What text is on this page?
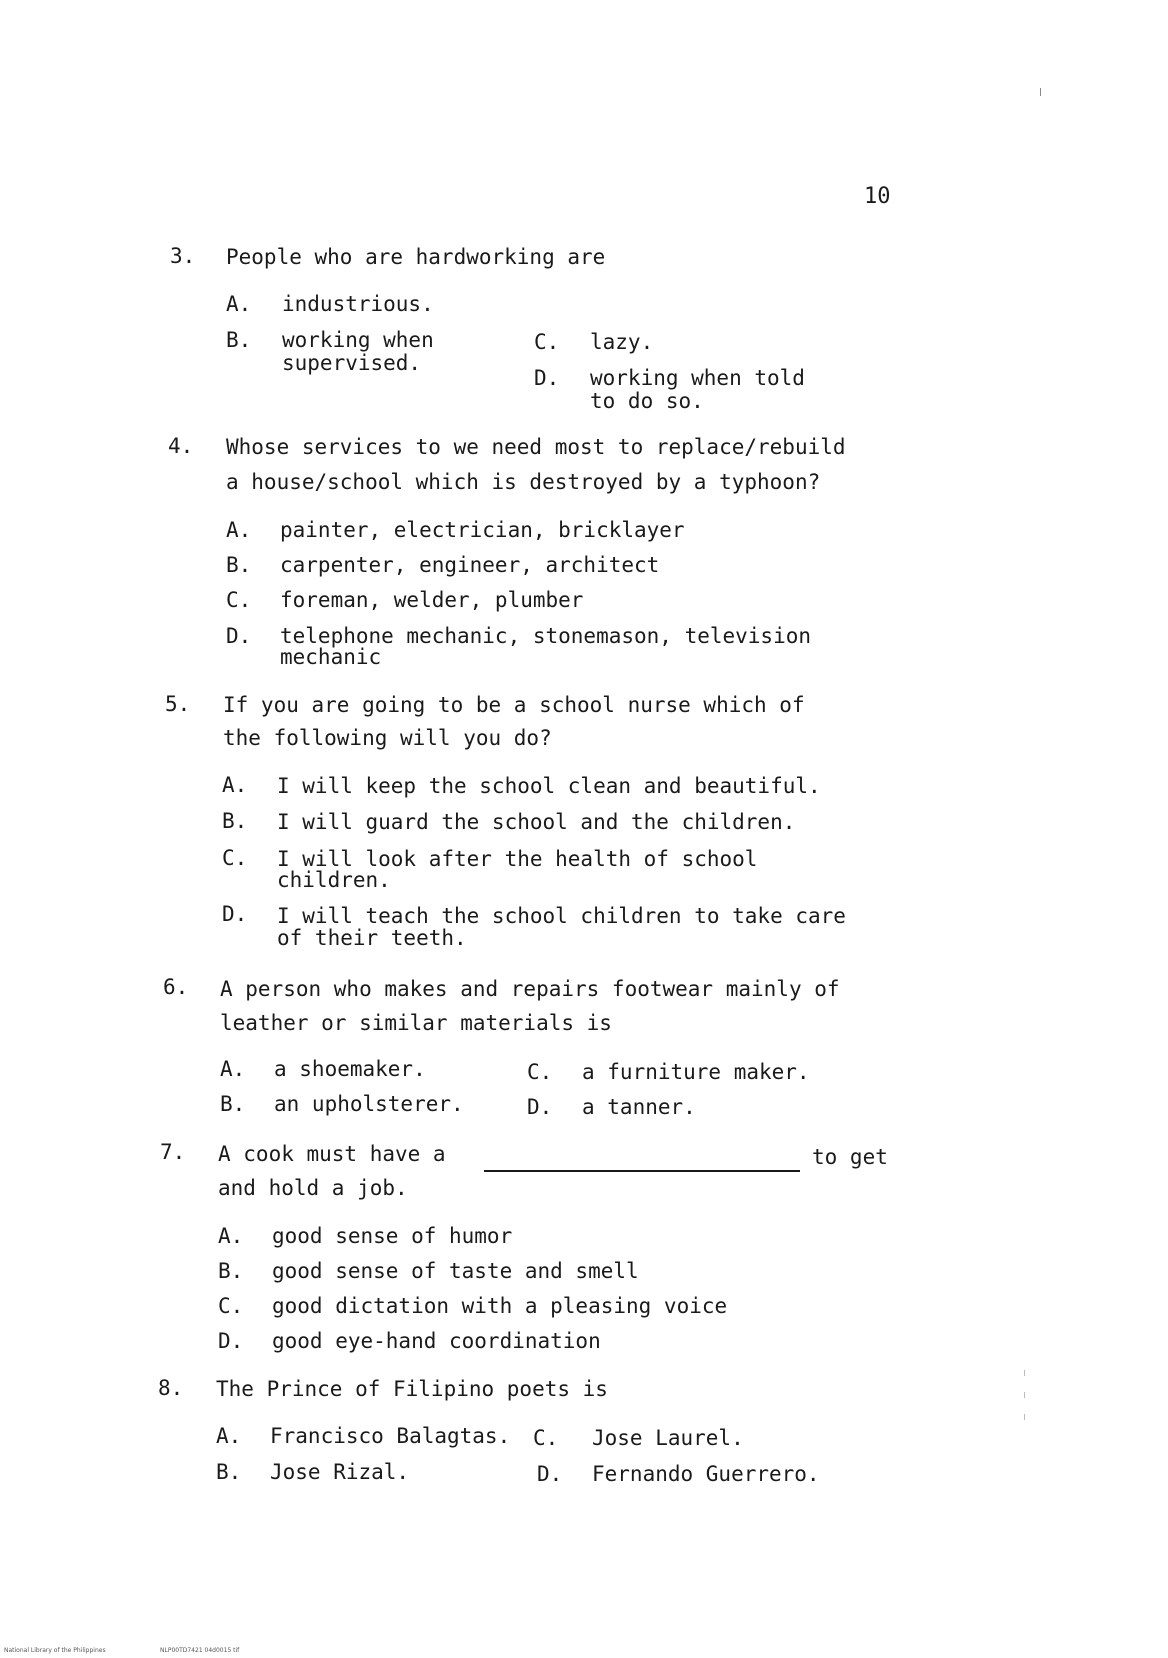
10
3. People who are hardworking are
A. industrious.
B. working when
supervised.
C. lazy.
D. working when told
to do so.
4. Whose services to we need most to replace/rebuild
a house/school which is destroyed by a typhoon?
A. painter, electrician, bricklayer
B. carpenter, engineer, architect
C. foreman, welder, plumber
D. telephone mechanic, stonemason, television
mechanic
5. If you are going to be a school nurse which of
the following will you do?
A. I will keep the school clean and beautiful.
B. I will guard the school and the children.
C. I will look after the health of school
children.
D. I will teach the school children to take care
of their teeth.
6. A person who makes and repairs footwear mainly of
leather or similar materials is
A. a shoemaker.	C. a furniture maker.
B. an upholsterer.	D. a tanner.
7. A cook must have a	to get
and hold a job.
A. good sense of humor
B. good sense of taste and smell
C. good dictation with a pleasing voice
D. good eye-hand coordination
8. The Prince of Filipino poets is
A. Francisco Balagtas. C. Jose Laurel.
B. Jose Rizal.	D. Fernando Guerrero.
National Library of the Philippines	NLP00TD7421 04d0015 tif
